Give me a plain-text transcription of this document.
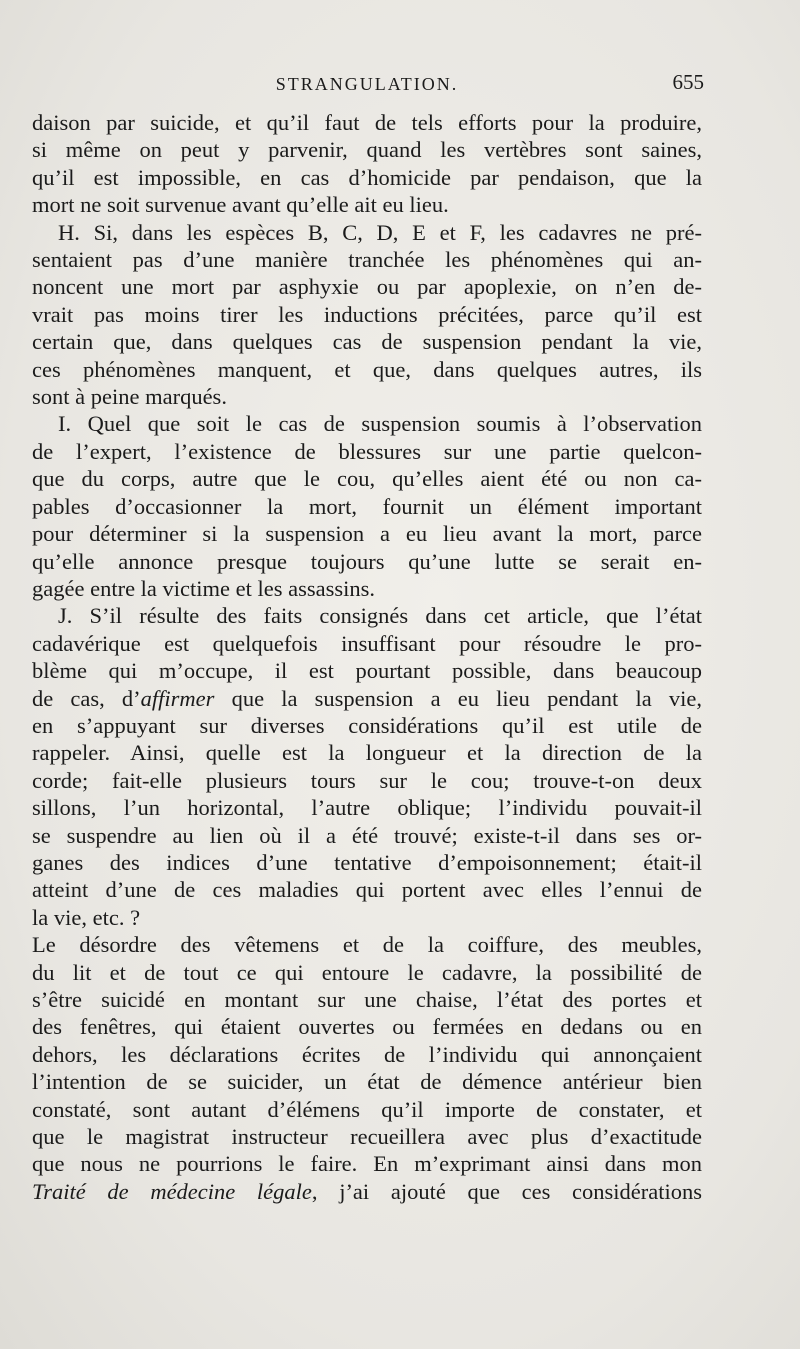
STRANGULATION.	655
daison par suicide, et qu’il faut de tels efforts pour la produire,
si même on peut y parvenir, quand les vertèbres sont saines,
qu’il est impossible, en cas d’homicide par pendaison, que la
mort ne soit survenue avant qu’elle ait eu lieu.
H. Si, dans les espèces B, C, D, E et F, les cadavres ne pré-
sentaient pas d’une manière tranchée les phénomènes qui an-
noncent une mort par asphyxie ou par apoplexie, on n’en de-
vrait pas moins tirer les inductions précitées, parce qu’il est
certain que, dans quelques cas de suspension pendant la vie,
ces phénomènes manquent, et que, dans quelques autres, ils
sont à peine marqués.
I. Quel que soit le cas de suspension soumis à l’observation
de l’expert, l’existence de blessures sur une partie quelcon-
que du corps, autre que le cou, qu’elles aient été ou non ca-
pables d’occasionner la mort, fournit un élément important
pour déterminer si la suspension a eu lieu avant la mort, parce
qu’elle annonce presque toujours qu’une lutte se serait en-
gagée entre la victime et les assassins.
J. S’il résulte des faits consignés dans cet article, que l’état
cadavérique est quelquefois insuffisant pour résoudre le pro-
blème qui m’occupe, il est pourtant possible, dans beaucoup
de cas, d’affirmer que la suspension a eu lieu pendant la vie,
en s’appuyant sur diverses considérations qu’il est utile de
rappeler. Ainsi, quelle est la longueur et la direction de la
corde; fait-elle plusieurs tours sur le cou; trouve-t-on deux
sillons, l’un horizontal, l’autre oblique; l’individu pouvait-il
se suspendre au lien où il a été trouvé; existe-t-il dans ses or-
ganes des indices d’une tentative d’empoisonnement; était-il
atteint d’une de ces maladies qui portent avec elles l’ennui de
la vie, etc. ?
Le désordre des vêtemens et de la coiffure, des meubles,
du lit et de tout ce qui entoure le cadavre, la possibilité de
s’être suicidé en montant sur une chaise, l’état des portes et
des fenêtres, qui étaient ouvertes ou fermées en dedans ou en
dehors, les déclarations écrites de l’individu qui annonçaient
l’intention de se suicider, un état de démence antérieur bien
constaté, sont autant d’élémens qu’il importe de constater, et
que le magistrat instructeur recueillera avec plus d’exactitude
que nous ne pourrions le faire. En m’exprimant ainsi dans mon
Traité de médecine légale, j’ai ajouté que ces considérations
